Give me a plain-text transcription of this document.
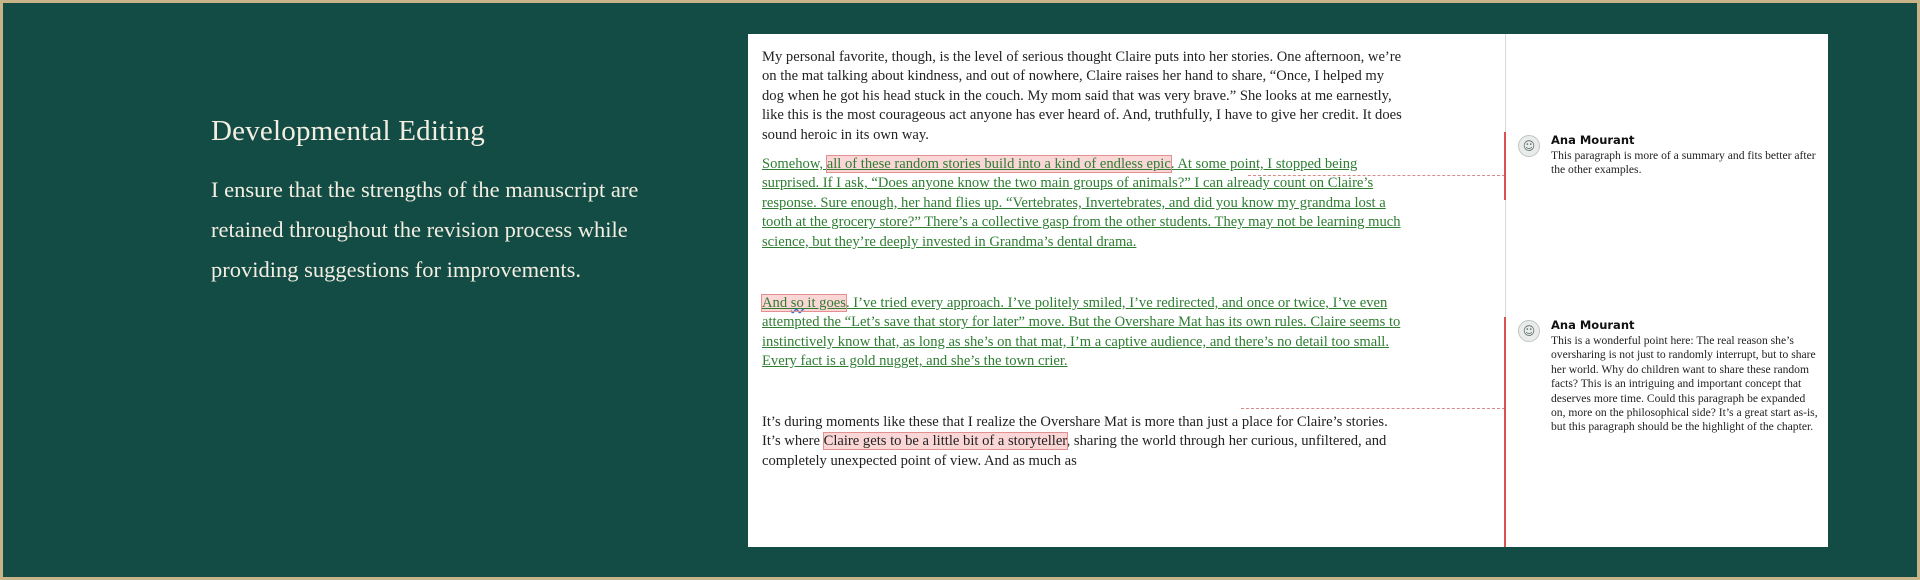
Developmental Editing

I ensure that the strengths of the manuscript are retained throughout the revision process while providing suggestions for improvements.

My personal favorite, though, is the level of serious thought Claire puts into her stories. One afternoon, we’re on the mat talking about kindness, and out of nowhere, Claire raises her hand to share, “Once, I helped my dog when he got his head stuck in the couch. My mom said that was very brave.” She looks at me earnestly, like this is the most courageous act anyone has ever heard of. And, truthfully, I have to give her credit. It does sound heroic in its own way.

Somehow, all of these random stories build into a kind of endless epic. At some point, I stopped being surprised. If I ask, “Does anyone know the two main groups of animals?” I can already count on Claire’s response. Sure enough, her hand flies up. “Vertebrates, Invertebrates, and did you know my grandma lost a tooth at the grocery store?” There’s a collective gasp from the other students. They may not be learning much science, but they’re deeply invested in Grandma’s dental drama.

And so it goes. I’ve tried every approach. I’ve politely smiled, I’ve redirected, and once or twice, I’ve even attempted the “Let’s save that story for later” move. But the Overshare Mat has its own rules. Claire seems to instinctively know that, as long as she’s on that mat, I’m a captive audience, and there’s no detail too small. Every fact is a gold nugget, and she’s the town crier.

It’s during moments like these that I realize the Overshare Mat is more than just a place for Claire’s stories. It’s where Claire gets to be a little bit of a storyteller, sharing the world through her curious, unfiltered, and completely unexpected point of view. And as much as

☺ Ana Mourant
This paragraph is more of a summary and fits better after the other examples.
☺ Ana Mourant
This is a wonderful point here: The real reason she’s oversharing is not just to randomly interrupt, but to share her world. Why do children want to share these random facts? This is an intriguing and important concept that deserves more time. Could this paragraph be expanded on, more on the philosophical side? It’s a great start as-is, but this paragraph should be the highlight of the chapter.
